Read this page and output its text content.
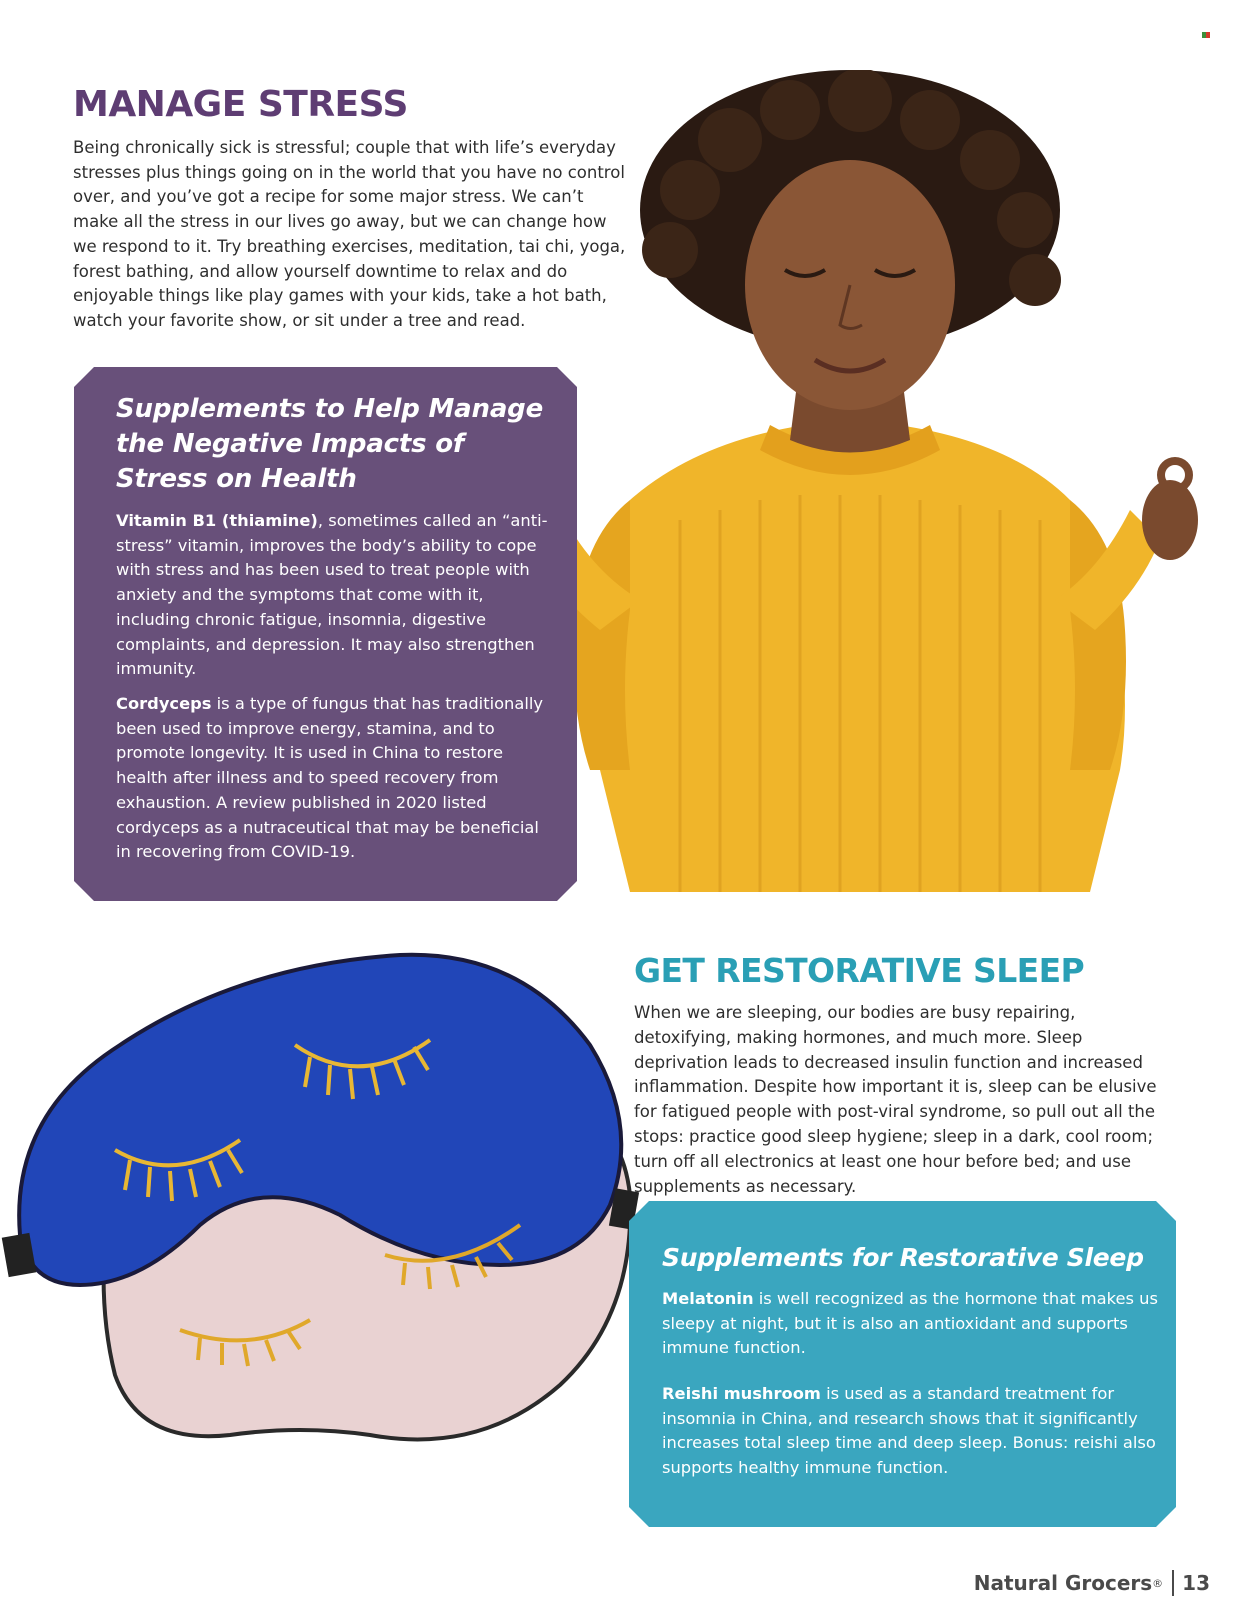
MANAGE STRESS

Being chronically sick is stressful; couple that with life’s everyday stresses plus things going on in the world that you have no control over, and you’ve got a recipe for some major stress. We can’t make all the stress in our lives go away, but we can change how we respond to it. Try breathing exercises, meditation, tai chi, yoga, forest bathing, and allow yourself downtime to relax and do enjoyable things like play games with your kids, take a hot bath, watch your favorite show, or sit under a tree and read.

Supplements to Help Manage the Negative Impacts of Stress on Health

Vitamin B1 (thiamine), sometimes called an “anti-stress” vitamin, improves the body’s ability to cope with stress and has been used to treat people with anxiety and the symptoms that come with it, including chronic fatigue, insomnia, digestive complaints, and depression. It may also strengthen immunity.

Cordyceps is a type of fungus that has traditionally been used to improve energy, stamina, and to promote longevity. It is used in China to restore health after illness and to speed recovery from exhaustion. A review published in 2020 listed cordyceps as a nutraceutical that may be beneficial in recovering from COVID-19.

GET RESTORATIVE SLEEP

When we are sleeping, our bodies are busy repairing, detoxifying, making hormones, and much more. Sleep deprivation leads to decreased insulin function and increased inflammation. Despite how important it is, sleep can be elusive for fatigued people with post-viral syndrome, so pull out all the stops: practice good sleep hygiene; sleep in a dark, cool room; turn off all electronics at least one hour before bed; and use supplements as necessary.

Supplements for Restorative Sleep

Melatonin is well recognized as the hormone that makes us sleepy at night, but it is also an antioxidant and supports immune function.

Reishi mushroom is used as a standard treatment for insomnia in China, and research shows that it significantly increases total sleep time and deep sleep. Bonus: reishi also supports healthy immune function.

Natural Grocers ® 13
